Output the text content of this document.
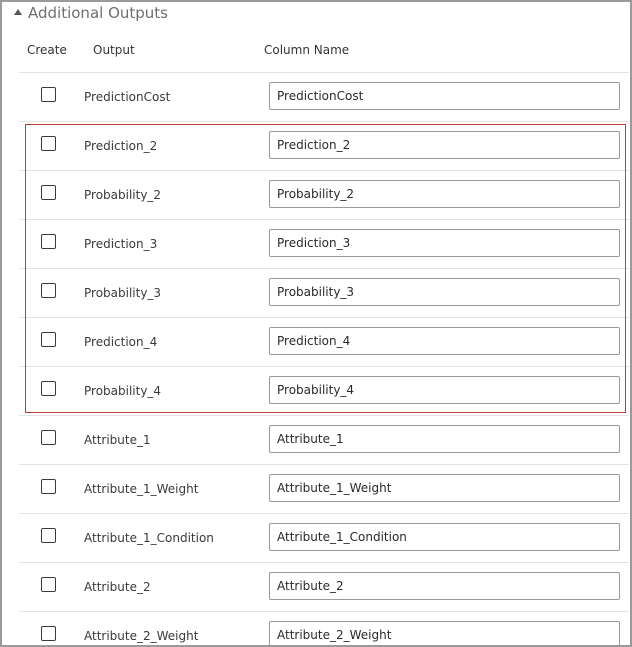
Additional Outputs
Create Output	Column Name
PredictionCost
PredictionCost
Prediction_2
Prediction_2
Probability_2
Probability_2
Prediction_3
Prediction_3
Probability_3
Probability_3
Prediction_4
Prediction_4
Probability_4
Probability_4
Attribute_1
Attribute_1
Attribute_1_Weight
Attribute_1_Weight
Attribute_1_Condition
Attribute_1_Condition
Attribute_2
Attribute_2
Attribute_2_Weight
Attribute_2_Weight
